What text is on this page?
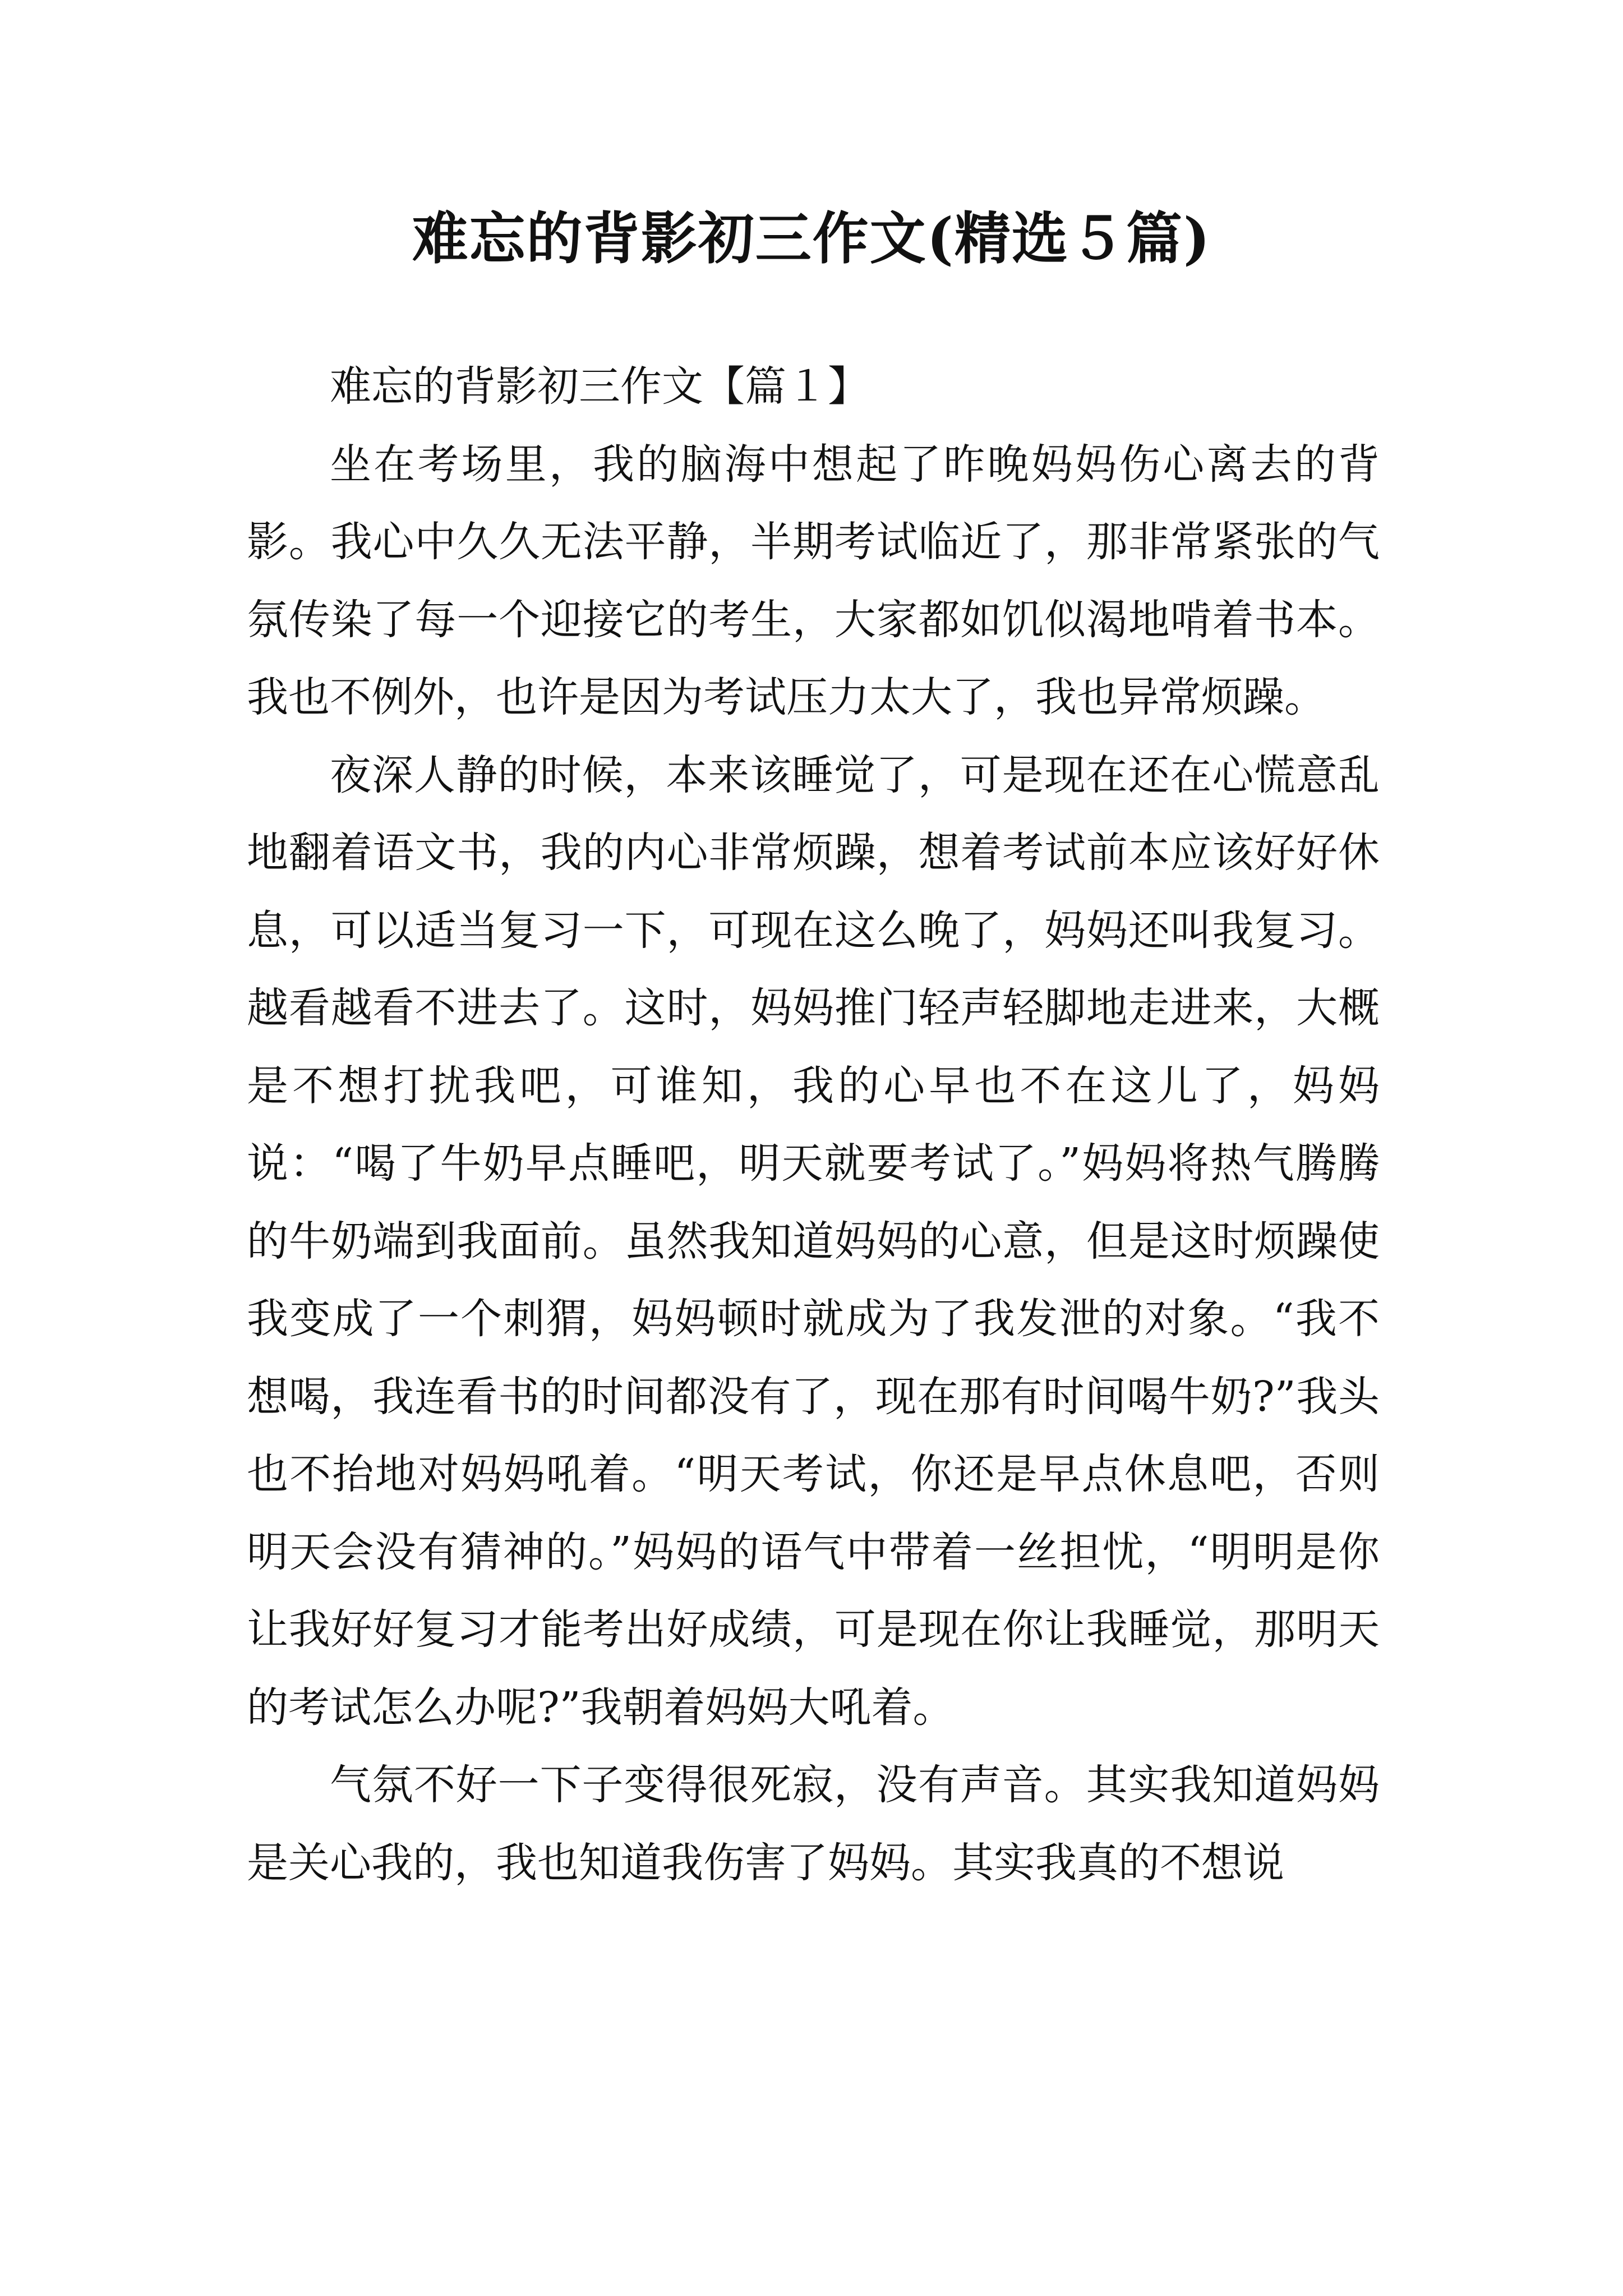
难忘的背影初三作文(精选５篇)

难忘的背影初三作文【篇１】

坐在考场里，我的脑海中想起了昨晚妈妈伤心离去的背影。我心中久久无法平静，半期考试临近了，那非常紧张的气氛传染了每一个迎接它的考生，大家都如饥似渴地啃着书本。我也不例外，也许是因为考试压力太大了，我也异常烦躁。

夜深人静的时候，本来该睡觉了，可是现在还在心慌意乱地翻着语文书，我的内心非常烦躁，想着考试前本应该好好休息，可以适当复习一下，可现在这么晚了，妈妈还叫我复习。越看越看不进去了。这时，妈妈推门轻声轻脚地走进来，大概是不想打扰我吧，可谁知，我的心早也不在这儿了，妈妈说：“喝了牛奶早点睡吧，明天就要考试了。”妈妈将热气腾腾的牛奶端到我面前。虽然我知道妈妈的心意，但是这时烦躁使我变成了一个刺猬，妈妈顿时就成为了我发泄的对象。“我不想喝，我连看书的时间都没有了，现在那有时间喝牛奶?”我头也不抬地对妈妈吼着。“明天考试，你还是早点休息吧，否则明天会没有猜神的。”妈妈的语气中带着一丝担忧，“明明是你让我好好复习才能考出好成绩，可是现在你让我睡觉，那明天的考试怎么办呢?”我朝着妈妈大吼着。

气氛不好一下子变得很死寂，没有声音。其实我知道妈妈是关心我的，我也知道我伤害了妈妈。其实我真的不想说
